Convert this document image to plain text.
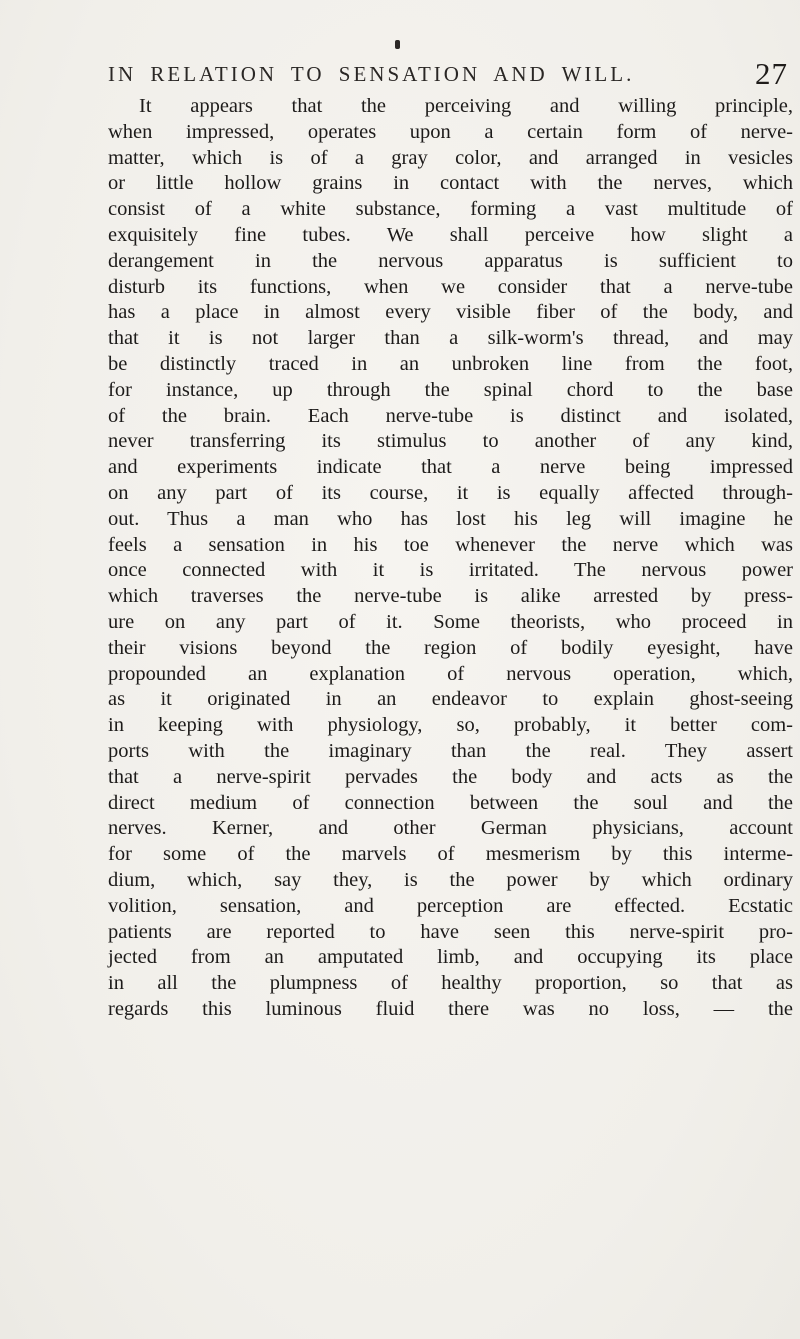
IN RELATION TO SENSATION AND WILL.	27
It appears that the perceiving and willing principle,
when impressed, operates upon a certain form of nerve-
matter, which is of a gray color, and arranged in vesicles
or little hollow grains in contact with the nerves, which
consist of a white substance, forming a vast multitude of
exquisitely fine tubes. We shall perceive how slight a
derangement in the nervous apparatus is sufficient to
disturb its functions, when we consider that a nerve-tube
has a place in almost every visible fiber of the body, and
that it is not larger than a silk-worm's thread, and may
be distinctly traced in an unbroken line from the foot,
for instance, up through the spinal chord to the base
of the brain. Each nerve-tube is distinct and isolated,
never transferring its stimulus to another of any kind,
and experiments indicate that a nerve being impressed
on any part of its course, it is equally affected through-
out. Thus a man who has lost his leg will imagine he
feels a sensation in his toe whenever the nerve which was
once connected with it is irritated. The nervous power
which traverses the nerve-tube is alike arrested by press-
ure on any part of it. Some theorists, who proceed in
their visions beyond the region of bodily eyesight, have
propounded an explanation of nervous operation, which,
as it originated in an endeavor to explain ghost-seeing
in keeping with physiology, so, probably, it better com-
ports with the imaginary than the real. They assert
that a nerve-spirit pervades the body and acts as the
direct medium of connection between the soul and the
nerves. Kerner, and other German physicians, account
for some of the marvels of mesmerism by this interme-
dium, which, say they, is the power by which ordinary
volition, sensation, and perception are effected. Ecstatic
patients are reported to have seen this nerve-spirit pro-
jected from an amputated limb, and occupying its place
in all the plumpness of healthy proportion, so that as
regards this luminous fluid there was no loss, — the
